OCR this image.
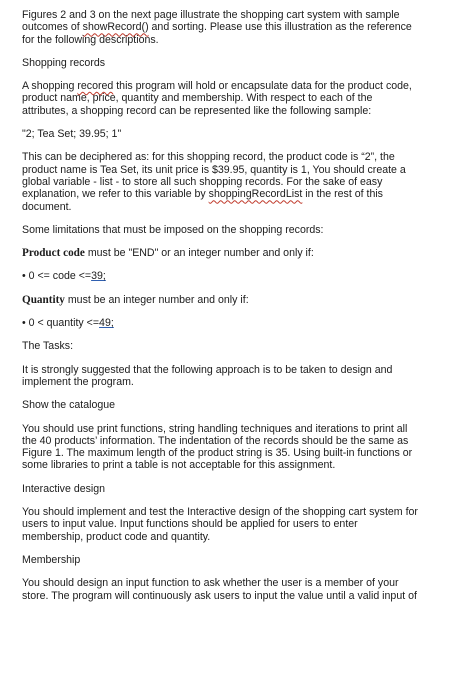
Figures 2 and 3 on the next page illustrate the shopping cart system with sample
outcomes of showRecord() and sorting. Please use this illustration as the reference
for the following descriptions.
Shopping records
A shopping recored this program will hold or encapsulate data for the product code,
product name, price, quantity and membership. With respect to each of the
attributes, a shopping record can be represented like the following sample:
"2; Tea Set; 39.95; 1"
This can be deciphered as: for this shopping record, the product code is “2”, the
product name is Tea Set, its unit price is $39.95, quantity is 1, You should create a
global variable - list - to store all such shopping records. For the sake of easy
explanation, we refer to this variable by shoppingRecordList in the rest of this
document.
Some limitations that must be imposed on the shopping records:
Product code must be "END" or an integer number and only if:
• 0 <= code <=39;
Quantity must be an integer number and only if:
• 0 < quantity <=49;
The Tasks:
It is strongly suggested that the following approach is to be taken to design and
implement the program.
Show the catalogue
You should use print functions, string handling techniques and iterations to print all
the 40 products’ information. The indentation of the records should be the same as
Figure 1. The maximum length of the product string is 35. Using built-in functions or
some libraries to print a table is not acceptable for this assignment.
Interactive design
You should implement and test the Interactive design of the shopping cart system for
users to input value. Input functions should be applied for users to enter
membership, product code and quantity.
Membership
You should design an input function to ask whether the user is a member of your
store. The program will continuously ask users to input the value until a valid input of
